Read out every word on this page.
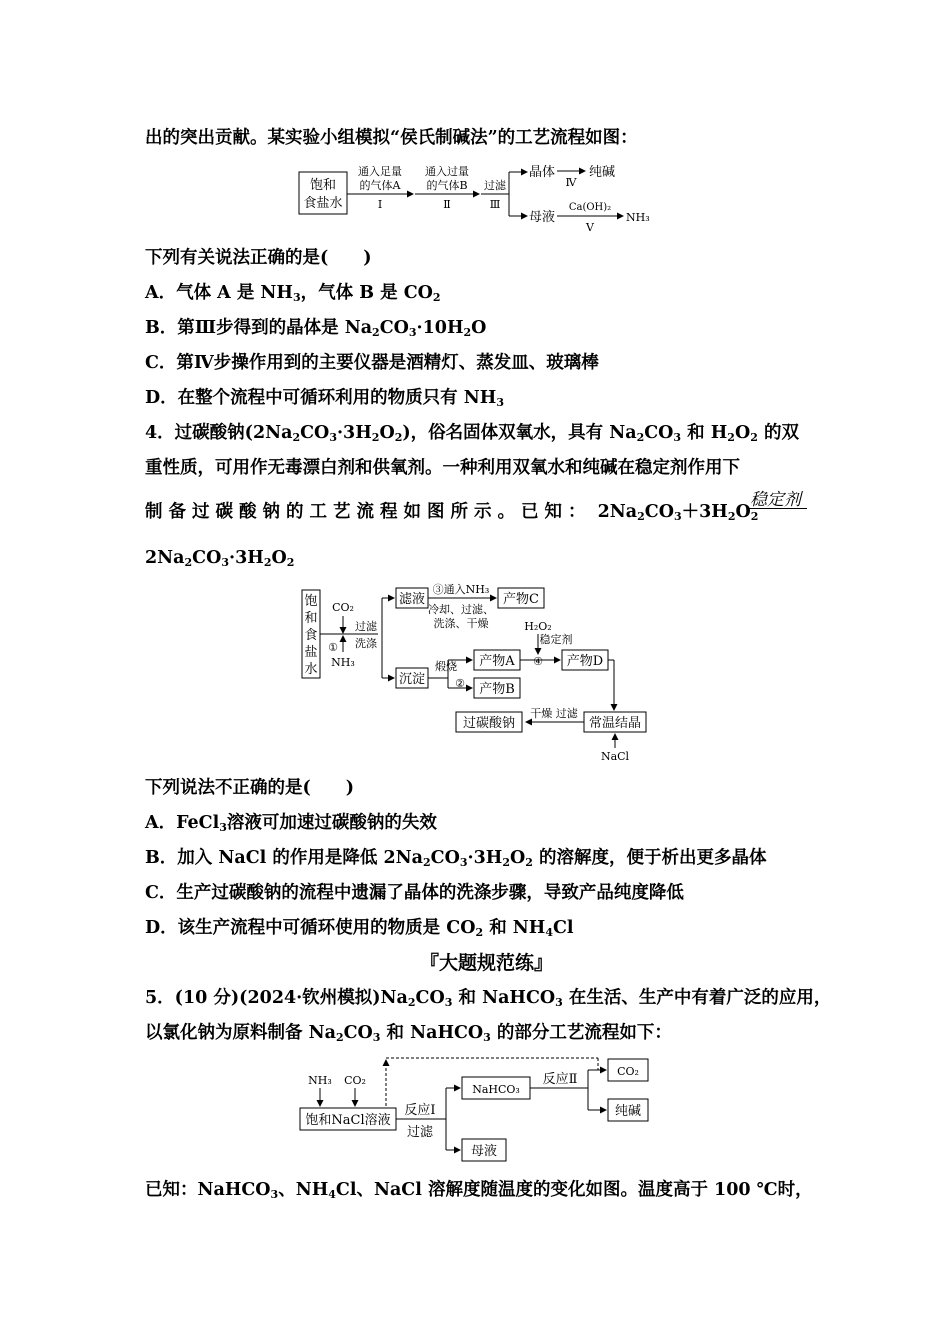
出的突出贡献。某实验小组模拟“侯氏制碱法”的工艺流程如图：
饱和
食盐水
通入足量
的气体A
Ⅰ
通入过量
的气体B
Ⅱ
过滤
Ⅲ
晶体
Ⅳ
纯碱
母液
Ca(OH)₂
Ⅴ
NH₃
下列有关说法正确的是(　　)
A．气体 A 是 $NH_3$，气体 B 是 $CO_2$
B．第Ⅲ步得到的晶体是 $Na_2CO_3\cdot 10H_2O$
C．第Ⅳ步操作用到的主要仪器是酒精灯、蒸发皿、玻璃棒
D．在整个流程中可循环利用的物质只有 $NH_3$
4．过碳酸钠$(2Na_2CO_3\cdot 3H_2O_2)$，俗名固体双氧水，具有 $Na_2CO_3$ 和 $H_2O_2$ 的双
重性质，可用作无毒漂白剂和供氧剂。一种利用双氧水和纯碱在稳定剂作用下
制备过碳酸钠的工艺流程如图所示。已知： $2Na_2CO_3+3H_2O_2$
稳定剂
$2Na_2CO_3\cdot 3H_2O_2$
饱
和
食
盐
水
CO₂
①
NH₃
过滤
洗涤
滤液
③通入NH₃
冷却、过滤、
洗涤、干燥
产物C
沉淀
煅烧
②
产物A
产物B
④
H₂O₂
稳定剂
产物D
常温结晶
干燥 过滤
过碳酸钠
NaCl
下列说法不正确的是(　　)
A．FeCl$_3$溶液可加速过碳酸钠的失效
B．加入 NaCl 的作用是降低 $2Na_2CO_3\cdot 3H_2O_2$ 的溶解度，便于析出更多晶体
C．生产过碳酸钠的流程中遗漏了晶体的洗涤步骤，导致产品纯度降低
D．该生产流程中可循环使用的物质是 $CO_2$ 和 $NH_4Cl$
『大题规范练』
5．(10 分)(2024·钦州模拟)$Na_2CO_3$ 和 NaHCO$_3$ 在生活、生产中有着广泛的应用，
以氯化钠为原料制备 $Na_2CO_3$ 和 NaHCO$_3$ 的部分工艺流程如下：
NH₃ CO₂
饱和NaCl溶液
反应Ⅰ
过滤
NaHCO₃
反应Ⅱ
CO₂
纯碱
母液
已知：NaHCO$_3$、$NH_4Cl$、NaCl 溶解度随温度的变化如图。温度高于 100 ℃时，
